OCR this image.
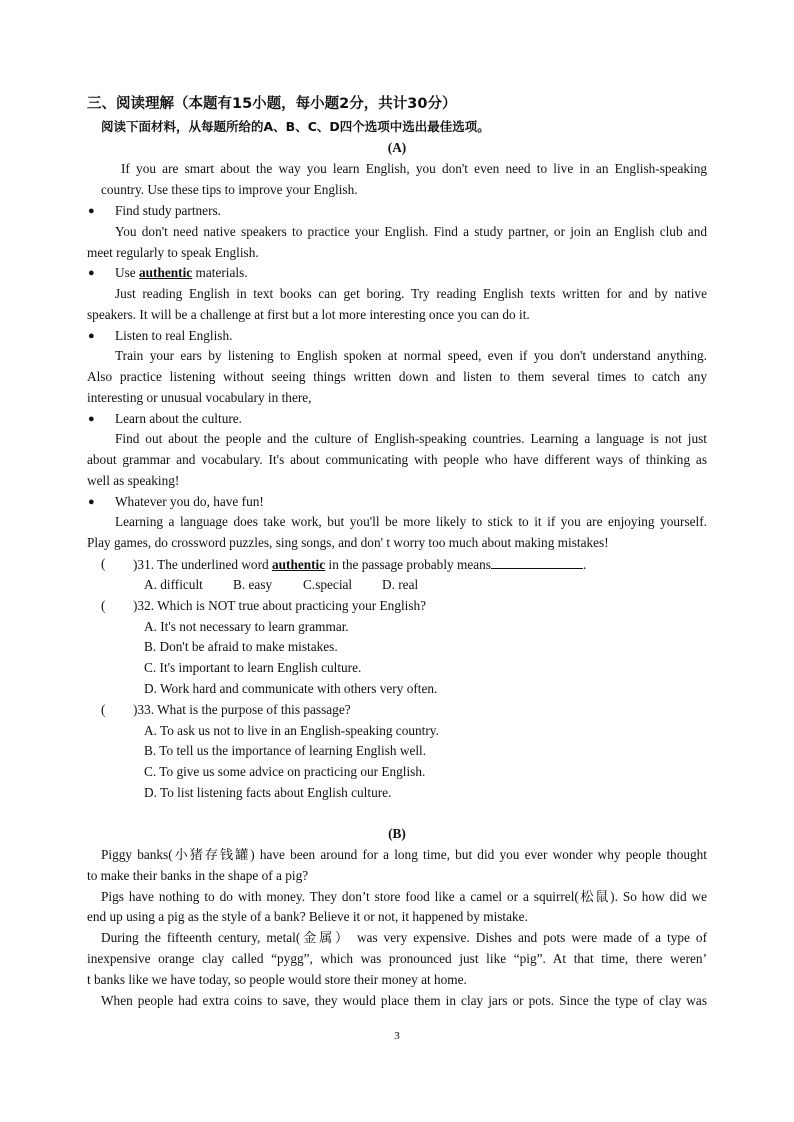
三、阅读理解（本题有15小题，每小题2分，共计30分）
阅读下面材料，从每题所给的A、B、C、D四个选项中选出最佳选项。
(A)
If you are smart about the way you learn English, you don't even need to live in an English-speaking
country. Use these tips to improve your English.
● Find study partners.
You don't need native speakers to practice your English. Find a study partner, or join an English club and
meet regularly to speak English.
● Use authentic materials.
Just reading English in text books can get boring. Try reading English texts written for and by native
speakers. It will be a challenge at first but a lot more interesting once you can do it.
● Listen to real English.
Train your ears by listening to English spoken at normal speed, even if you don't understand anything.
Also practice listening without seeing things written down and listen to them several times to catch any
interesting or unusual vocabulary in there,
● Learn about the culture.
Find out about the people and the culture of English-speaking countries. Learning a language is not just
about grammar and vocabulary. It's about communicating with people who have different ways of thinking as
well as speaking!
● Whatever you do, have fun!
Learning a language does take work, but you'll be more likely to stick to it if you are enjoying yourself.
Play games, do crossword puzzles, sing songs, and don' t worry too much about making mistakes!
( )31. The underlined word authentic in the passage probably means	.
A. difficult B. easy C.special D. real
( )32. Which is NOT true about practicing your English?
A. It's not necessary to learn grammar.
B. Don't be afraid to make mistakes.
C. It's important to learn English culture.
D. Work hard and communicate with others very often.
( )33. What is the purpose of this passage?
A. To ask us not to live in an English-speaking country.
B. To tell us the importance of learning English well.
C. To give us some advice on practicing our English.
D. To list listening facts about English culture.
(B)
Piggy banks(小猪存钱罐) have been around for a long time, but did you ever wonder why people thought
to make their banks in the shape of a pig?
Pigs have nothing to do with money. They don’t store food like a camel or a squirrel(松鼠). So how did we
end up using a pig as the style of a bank? Believe it or not, it happened by mistake.
During the fifteenth century, metal(金属） was very expensive. Dishes and pots were made of a type of
inexpensive orange clay called “pygg”, which was pronounced just like “pig”. At that time, there weren’
t banks like we have today, so people would store their money at home.
When people had extra coins to save, they would place them in clay jars or pots. Since the type of clay was
3
